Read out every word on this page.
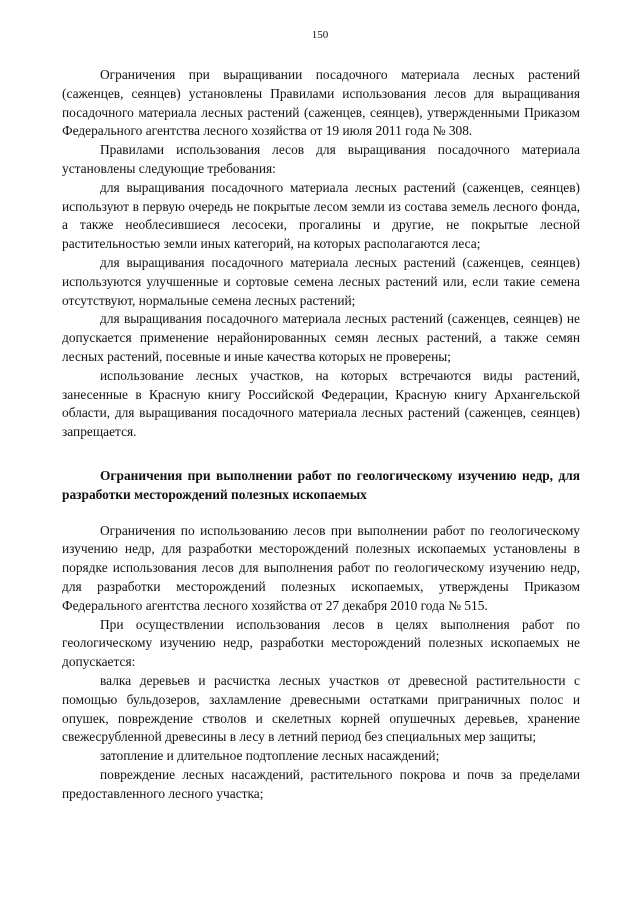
150

Ограничения при выращивании посадочного материала лесных растений (саженцев, сеянцев) установлены Правилами использования лесов для выращивания посадочного материала лесных растений (саженцев, сеянцев), утвержденными Приказом Федерального агентства лесного хозяйства от 19 июля 2011 года № 308.

Правилами использования лесов для выращивания посадочного материала установлены следующие требования:

для выращивания посадочного материала лесных растений (саженцев, сеянцев) используют в первую очередь не покрытые лесом земли из состава земель лесного фонда, а также необлесившиеся лесосеки, прогалины и другие, не покрытые лесной растительностью земли иных категорий, на которых располагаются леса;

для выращивания посадочного материала лесных растений (саженцев, сеянцев) используются улучшенные и сортовые семена лесных растений или, если такие семена отсутствуют, нормальные семена лесных растений;

для выращивания посадочного материала лесных растений (саженцев, сеянцев) не допускается применение нерайонированных семян лесных растений, а также семян лесных растений, посевные и иные качества которых не проверены;

использование лесных участков, на которых встречаются виды растений, занесенные в Красную книгу Российской Федерации, Красную книгу Архангельской области, для выращивания посадочного материала лесных растений (саженцев, сеянцев) запрещается.

Ограничения при выполнении работ по геологическому изучению недр, для разработки месторождений полезных ископаемых

Ограничения по использованию лесов при выполнении работ по геологическому изучению недр, для разработки месторождений полезных ископаемых установлены в порядке использования лесов для выполнения работ по геологическому изучению недр, для разработки месторождений полезных ископаемых, утверждены Приказом Федерального агентства лесного хозяйства от 27 декабря 2010 года № 515.

При осуществлении использования лесов в целях выполнения работ по геологическому изучению недр, разработки месторождений полезных ископаемых не допускается:

валка деревьев и расчистка лесных участков от древесной растительности с помощью бульдозеров, захламление древесными остатками приграничных полос и опушек, повреждение стволов и скелетных корней опушечных деревьев, хранение свежесрубленной древесины в лесу в летний период без специальных мер защиты;

затопление и длительное подтопление лесных насаждений;

повреждение лесных насаждений, растительного покрова и почв за пределами предоставленного лесного участка;
